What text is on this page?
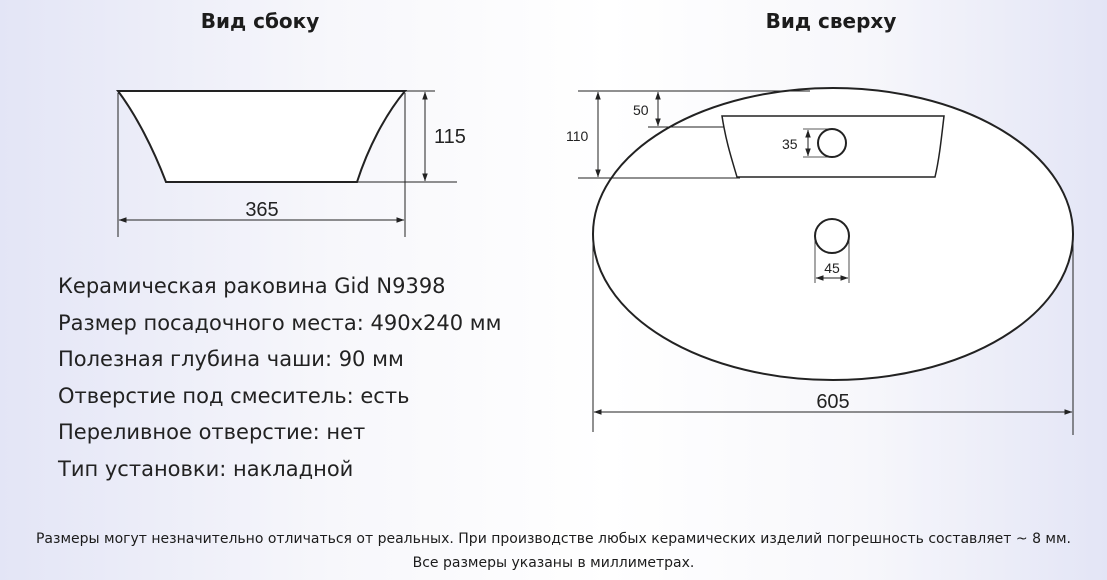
Вид сбоку	Вид сверху
115
365
110
50
35
45
605
Керамическая раковина Gid N9398
Размер посадочного места: 490х240 мм
Полезная глубина чаши: 90 мм
Отверстие под смеситель: есть
Переливное отверстие: нет
Тип установки: накладной
Размеры могут незначительно отличаться от реальных. При производстве любых керамических изделий погрешность составляет ~ 8 мм.
Все размеры указаны в миллиметрах.
